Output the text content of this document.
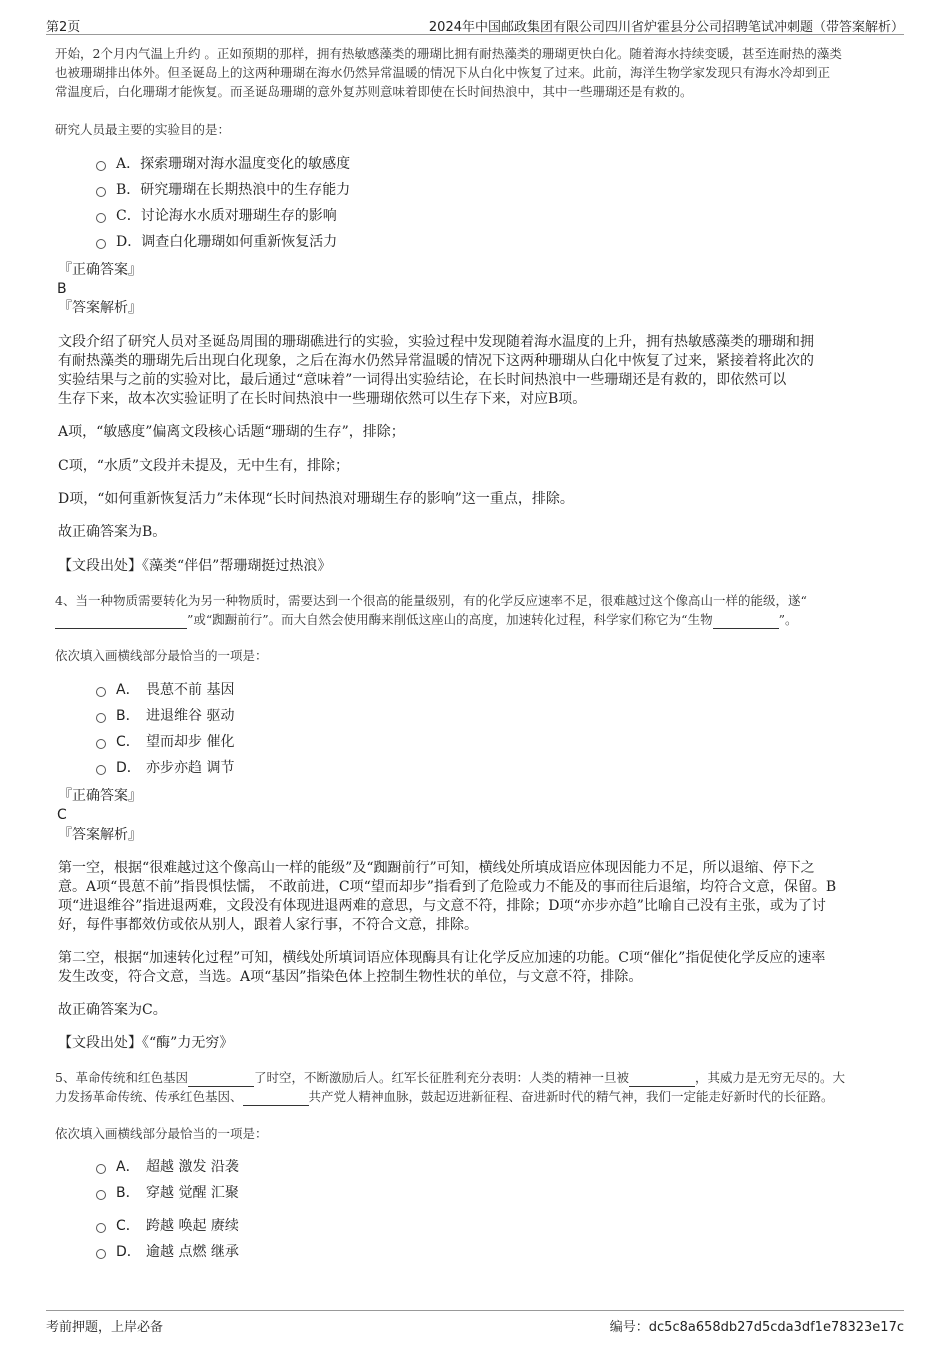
第2页	2024年中国邮政集团有限公司四川省炉霍县分公司招聘笔试冲刺题（带答案解析）
开始，2个月内气温上升约 。正如预期的那样，拥有热敏感藻类的珊瑚比拥有耐热藻类的珊瑚更快白化。随着海水持续变暖，甚至连耐热的藻类
也被珊瑚排出体外。但圣诞岛上的这两种珊瑚在海水仍然异常温暖的情况下从白化中恢复了过来。此前，海洋生物学家发现只有海水冷却到正
常温度后，白化珊瑚才能恢复。而圣诞岛珊瑚的意外复苏则意味着即使在长时间热浪中，其中一些珊瑚还是有救的。
研究人员最主要的实验目的是：
A．探索珊瑚对海水温度变化的敏感度
B．研究珊瑚在长期热浪中的生存能力
C．讨论海水水质对珊瑚生存的影响
D．调查白化珊瑚如何重新恢复活力
『正确答案』
B
『答案解析』
文段介绍了研究人员对圣诞岛周围的珊瑚礁进行的实验，实验过程中发现随着海水温度的上升，拥有热敏感藻类的珊瑚和拥
有耐热藻类的珊瑚先后出现白化现象，之后在海水仍然异常温暖的情况下这两种珊瑚从白化中恢复了过来，紧接着将此次的
实验结果与之前的实验对比，最后通过“意味着”一词得出实验结论，在长时间热浪中一些珊瑚还是有救的，即依然可以
生存下来，故本次实验证明了在长时间热浪中一些珊瑚依然可以生存下来，对应B项。
A项，“敏感度”偏离文段核心话题“珊瑚的生存”，排除；
C项，“水质”文段并未提及，无中生有，排除；
D项，“如何重新恢复活力”未体现“长时间热浪对珊瑚生存的影响”这一重点，排除。
故正确答案为B。
【文段出处】《藻类“伴侣”帮珊瑚挺过热浪》
4、当一种物质需要转化为另一种物质时，需要达到一个很高的能量级别，有的化学反应速率不足，很难越过这个像高山一样的能级，遂“
”或“踟蹰前行”。而大自然会使用酶来削低这座山的高度，加速转化过程，科学家们称它为“生物	”。
依次填入画横线部分最恰当的一项是：
A． 畏葸不前 基因
B． 进退维谷 驱动
C． 望而却步 催化
D． 亦步亦趋 调节
『正确答案』
C
『答案解析』
第一空，根据“很难越过这个像高山一样的能级”及“踟蹰前行”可知，横线处所填成语应体现因能力不足，所以退缩、停下之
意。A项“畏葸不前”指畏惧怯懦， 不敢前进，C项“望而却步”指看到了危险或力不能及的事而往后退缩，均符合文意，保留。B
项“进退维谷”指进退两难，文段没有体现进退两难的意思，与文意不符，排除；D项“亦步亦趋”比喻自己没有主张，或为了讨
好，每件事都效仿或依从别人，跟着人家行事，不符合文意，排除。
第二空，根据“加速转化过程”可知，横线处所填词语应体现酶具有让化学反应加速的功能。C项“催化”指促使化学反应的速率
发生改变，符合文意，当选。A项“基因”指染色体上控制生物性状的单位，与文意不符，排除。
故正确答案为C。
【文段出处】《“酶”力无穷》
5、革命传统和红色基因	了时空，不断激励后人。红军长征胜利充分表明：人类的精神一旦被	，其威力是无穷无尽的。大
力发扬革命传统、传承红色基因、	共产党人精神血脉，鼓起迈进新征程、奋进新时代的精气神，我们一定能走好新时代的长征路。
依次填入画横线部分最恰当的一项是：
A． 超越 激发 沿袭
B． 穿越 觉醒 汇聚
C． 跨越 唤起 赓续
D． 逾越 点燃 继承
考前押题，上岸必备	编号：dc5c8a658db27d5cda3df1e78323e17c
